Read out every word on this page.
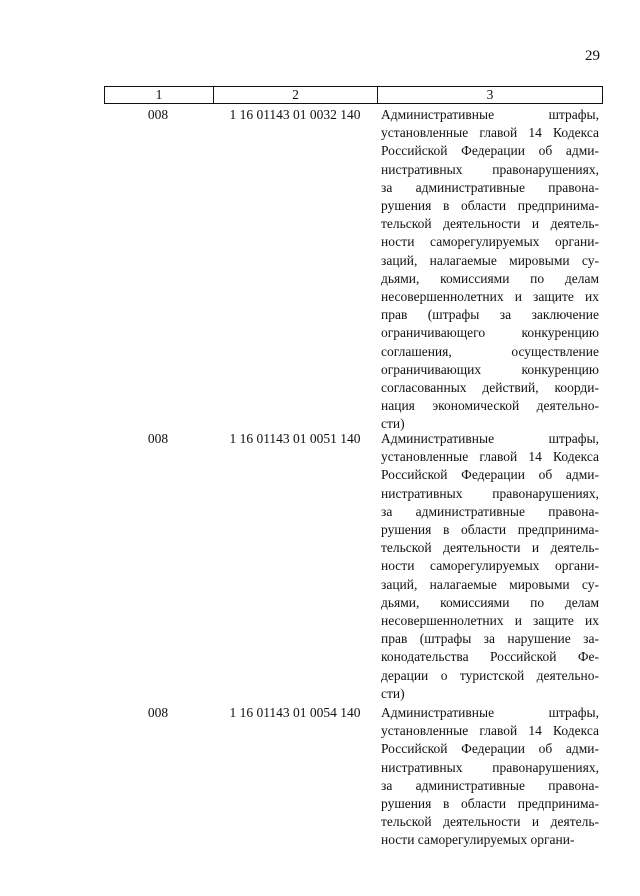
29
1	2	3
008	1 16 01143 01 0032 140	Административные штрафы,
установленные главой 14 Кодекса
Российской Федерации об адми-
нистративных правонарушениях,
за административные правона-
рушения в области предпринима-
тельской деятельности и деятель-
ности саморегулируемых органи-
заций, налагаемые мировыми су-
дьями, комиссиями по делам
несовершеннолетних и защите их
прав (штрафы за заключение
ограничивающего конкуренцию
соглашения, осуществление
ограничивающих конкуренцию
согласованных действий, коорди-
нация экономической деятельно-
сти)
008	1 16 01143 01 0051 140	Административные штрафы,
установленные главой 14 Кодекса
Российской Федерации об адми-
нистративных правонарушениях,
за административные правона-
рушения в области предпринима-
тельской деятельности и деятель-
ности саморегулируемых органи-
заций, налагаемые мировыми су-
дьями, комиссиями по делам
несовершеннолетних и защите их
прав (штрафы за нарушение за-
конодательства Российской Фе-
дерации о туристской деятельно-
сти)
008	1 16 01143 01 0054 140	Административные штрафы,
установленные главой 14 Кодекса
Российской Федерации об адми-
нистративных правонарушениях,
за административные правона-
рушения в области предпринима-
тельской деятельности и деятель-
ности саморегулируемых органи-
